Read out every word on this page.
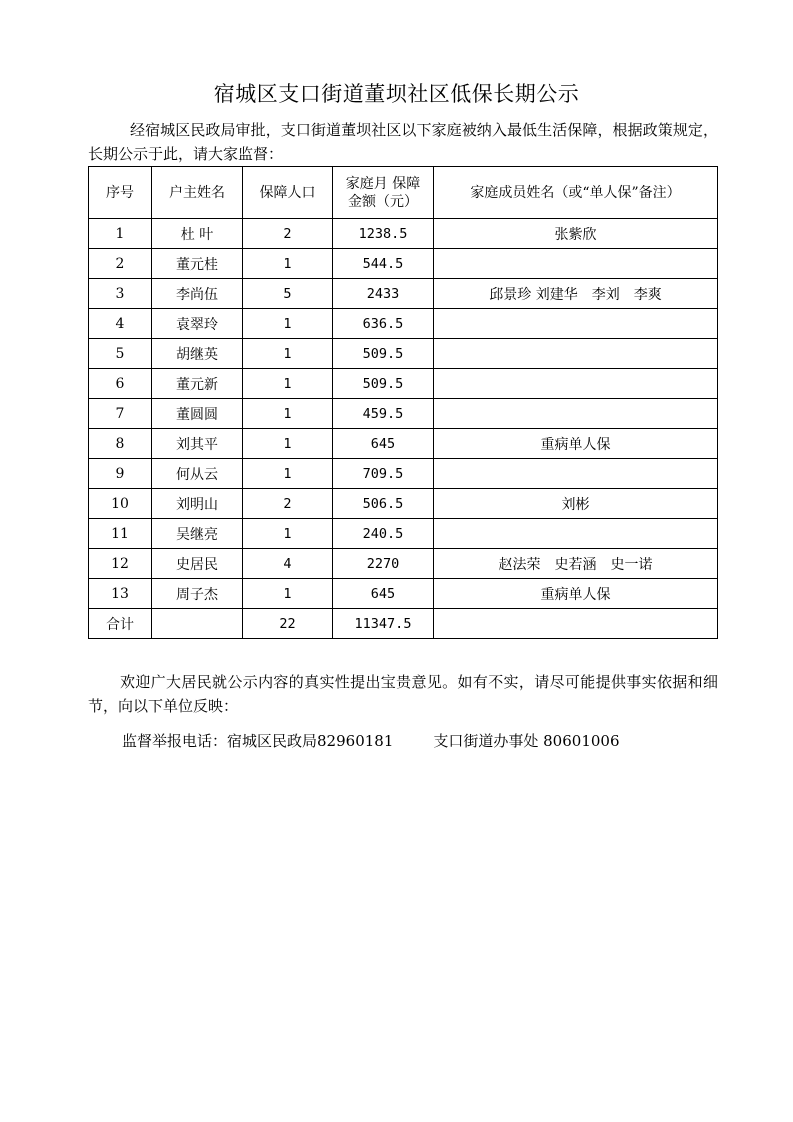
宿城区支口街道董坝社区低保长期公示
经宿城区民政局审批，支口街道董坝社区以下家庭被纳入最低生活保障，根据政策规定，长期公示于此，请大家监督：
序号	户主姓名	保障人口	家庭月 保障金额（元）	家庭成员姓名（或“单人保”备注）
1	杜 叶	2	1238.5	张紫欣
2	董元桂	1	544.5	
3	李尚伍	5	2433	邱景珍 刘建华　李刘　李爽
4	袁翠玲	1	636.5	
5	胡继英	1	509.5	
6	董元新	1	509.5	
7	董圆圆	1	459.5	
8	刘其平	1	645	重病单人保
9	何从云	1	709.5	
10	刘明山	2	506.5	刘彬
11	吴继亮	1	240.5	
12	史居民	4	2270	赵法荣　史若涵　史一诺
13	周子杰	1	645	重病单人保
合计		22	11347.5	
欢迎广大居民就公示内容的真实性提出宝贵意见。如有不实，请尽可能提供事实依据和细节，向以下单位反映：
监督举报电话：宿城区民政局82960181	支口街道办事处 80601006
